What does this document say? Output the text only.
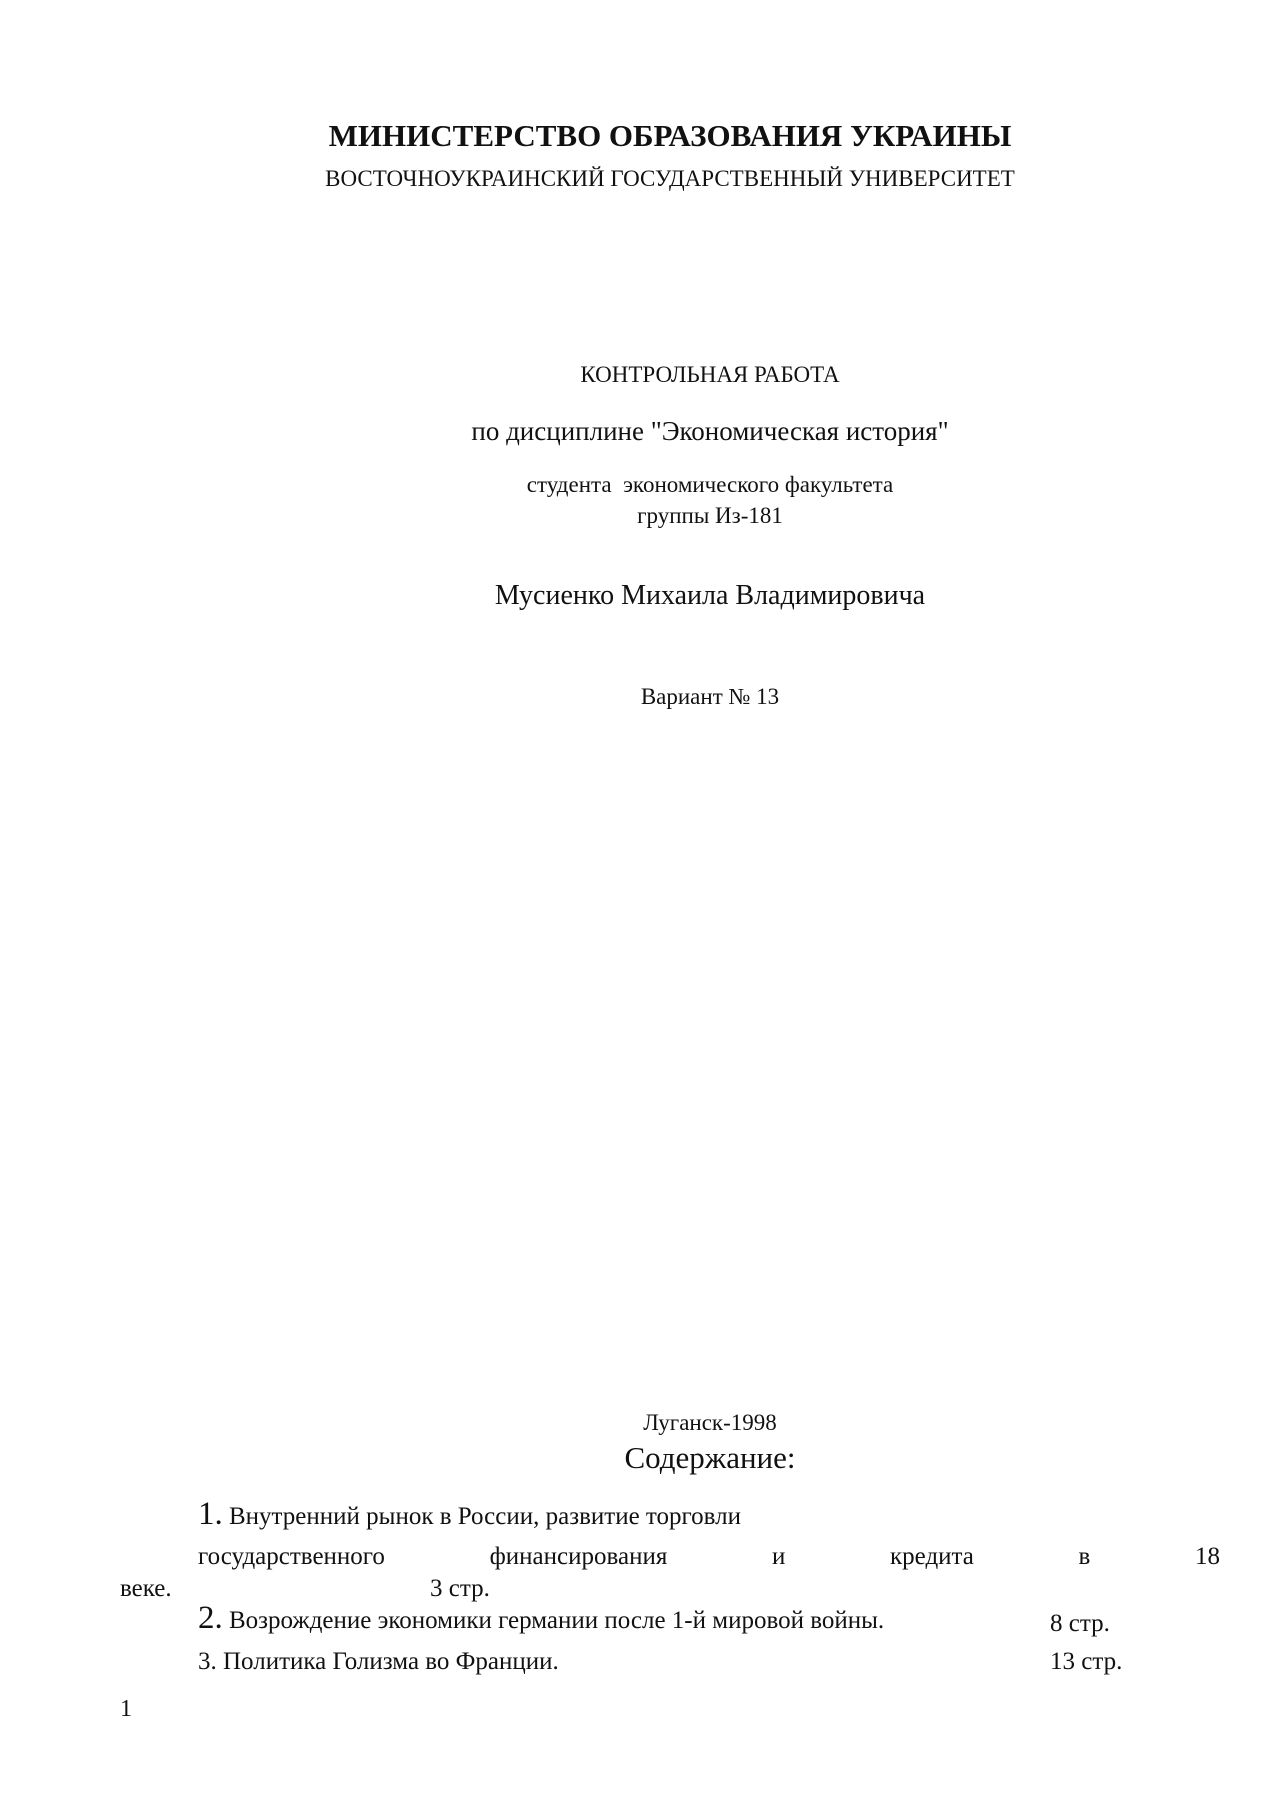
МИНИСТЕРСТВО ОБРАЗОВАНИЯ УКРАИНЫ
ВОСТОЧНОУКРАИНСКИЙ ГОСУДАРСТВЕННЫЙ УНИВЕРСИТЕТ
КОНТРОЛЬНАЯ РАБОТА
по дисциплине "Экономическая история"
студента  экономического факультета
группы Из-181
Мусиенко Михаила Владимировича
Вариант № 13
Луганск-1998
Содержание:
1. Внутренний рынок в России, развитие торговли
государственного	финансирования	и	кредита	в	18
веке.	3 стр.
2. Возрождение экономики германии после 1-й мировой войны.	8 стр.
3. Политика Голизма во Франции.	13 стр.
1
